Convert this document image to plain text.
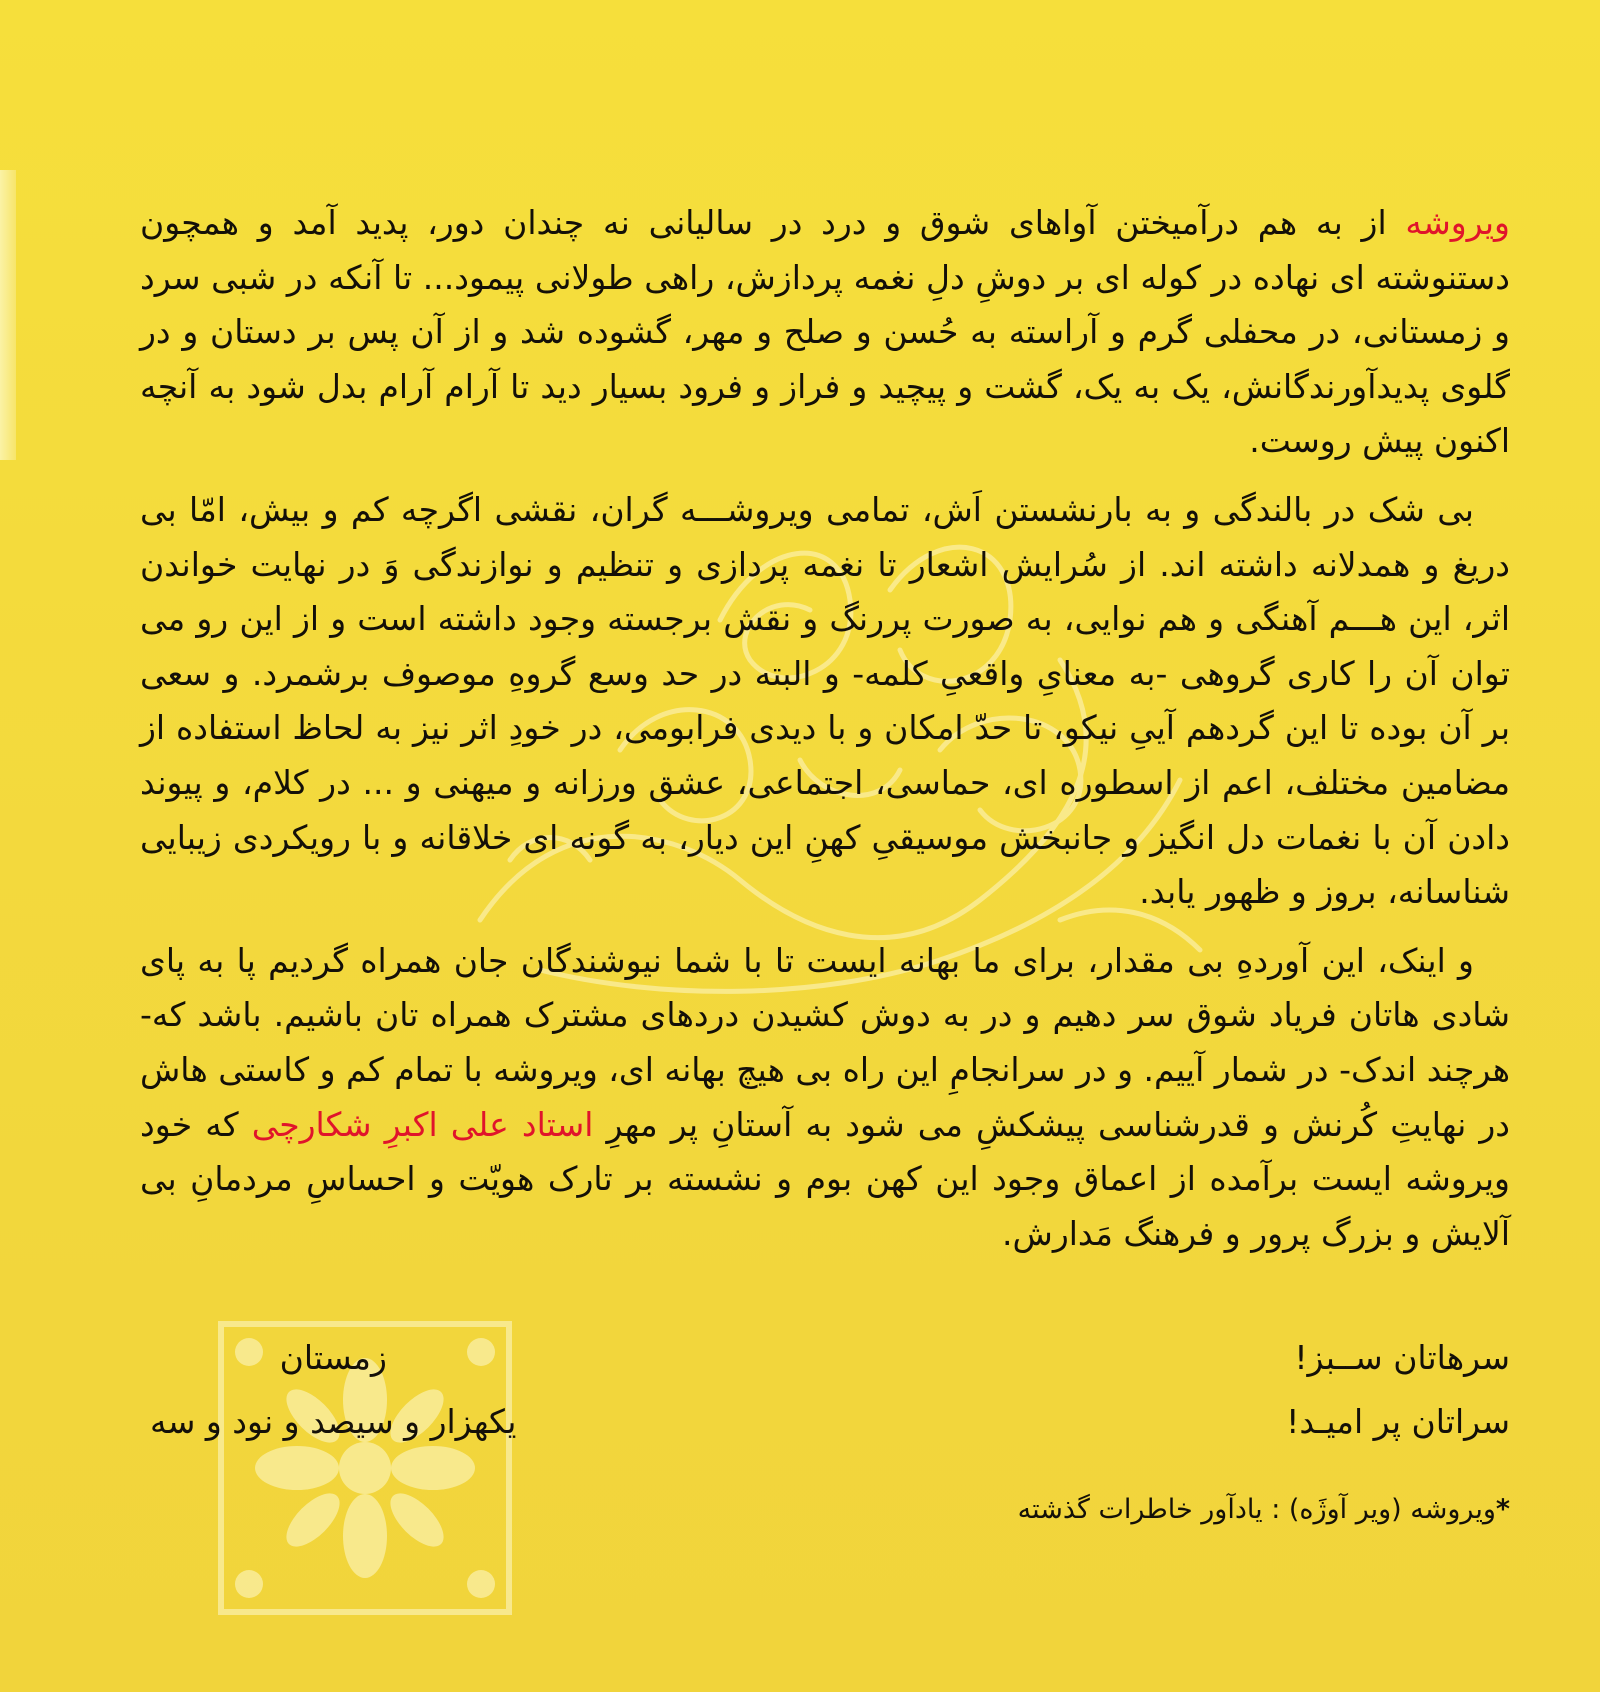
ویروشه از به هم درآمیختن آواهای شوق و درد در سالیانی نه چندان دور، پدید آمد و همچون دستنوشته ای نهاده در کوله ای بر دوشِ دلِ نغمه پردازش، راهی طولانی پیمود... تا آنکه در شبی سرد و زمستانی، در محفلی گرم و آراسته به حُسن و صلح و مهر، گشوده شد و از آن پس بر دستان و در گلوی پدیدآورندگانش، یک به یک، گشت و پیچید و فراز و فرود بسیار دید تا آرام آرام بدل شود به آنچه اکنون پیش روست.

بی شک در بالندگی و به بارنشستن اَش، تمامی ویروشـــه گران، نقشی اگرچه کم و بیش، امّا بی دریغ و همدلانه داشته اند. از سُرایش اشعار تا نغمه پردازی و تنظیم و نوازندگی وَ در نهایت خواندن اثر، این هـــم آهنگی و هم نوایی، به صورت پررنگ و نقش برجسته وجود داشته است و از این رو می توان آن را کاری گروهی -به معنایِ واقعیِ کلمه- و البته در حد وسع گروهِ موصوف برشمرد. و سعی بر آن بوده تا این گردهم آییِ نیکو، تا حدّ امکان و با دیدی فرابومی، در خودِ اثر نیز به لحاظ استفاده از مضامین مختلف، اعم از اسطوره ای، حماسی، اجتماعی، عشق ورزانه و میهنی و ... در کلام، و پیوند دادن آن با نغمات دل انگیز و جانبخش موسیقیِ کهنِ این دیار، به گونه ای خلاقانه و با رویکردی زیبایی شناسانه، بروز و ظهور یابد.

و اینک، این آوردهِ بی مقدار، برای ما بهانه ایست تا با شما نیوشندگان جان همراه گردیم پا به پای شادی هاتان فریاد شوق سر دهیم و در به دوش کشیدن دردهای مشترک همراه تان باشیم. باشد که- هرچند اندک- در شمار آییم. و در سرانجامِ این راه بی هیچ بهانه ای، ویروشه با تمام کم و کاستی هاش در نهایتِ کُرنش و قدرشناسی پیشکشِ می شود به آستانِ پر مهرِ استاد علی اکبرِ شکارچی که خود ویروشه ایست برآمده از اعماق وجود این کهن بوم و نشسته بر تارک هویّت و احساسِ مردمانِ بی آلایش و بزرگ پرور و فرهنگ مَدارش.

سرهاتان ســبز!
سراتان پر امیـد!
زمستان
یکهزار و سیصد و نود و سه
*ویروشه (ویر آوژَه) : یادآور خاطرات گذشته
